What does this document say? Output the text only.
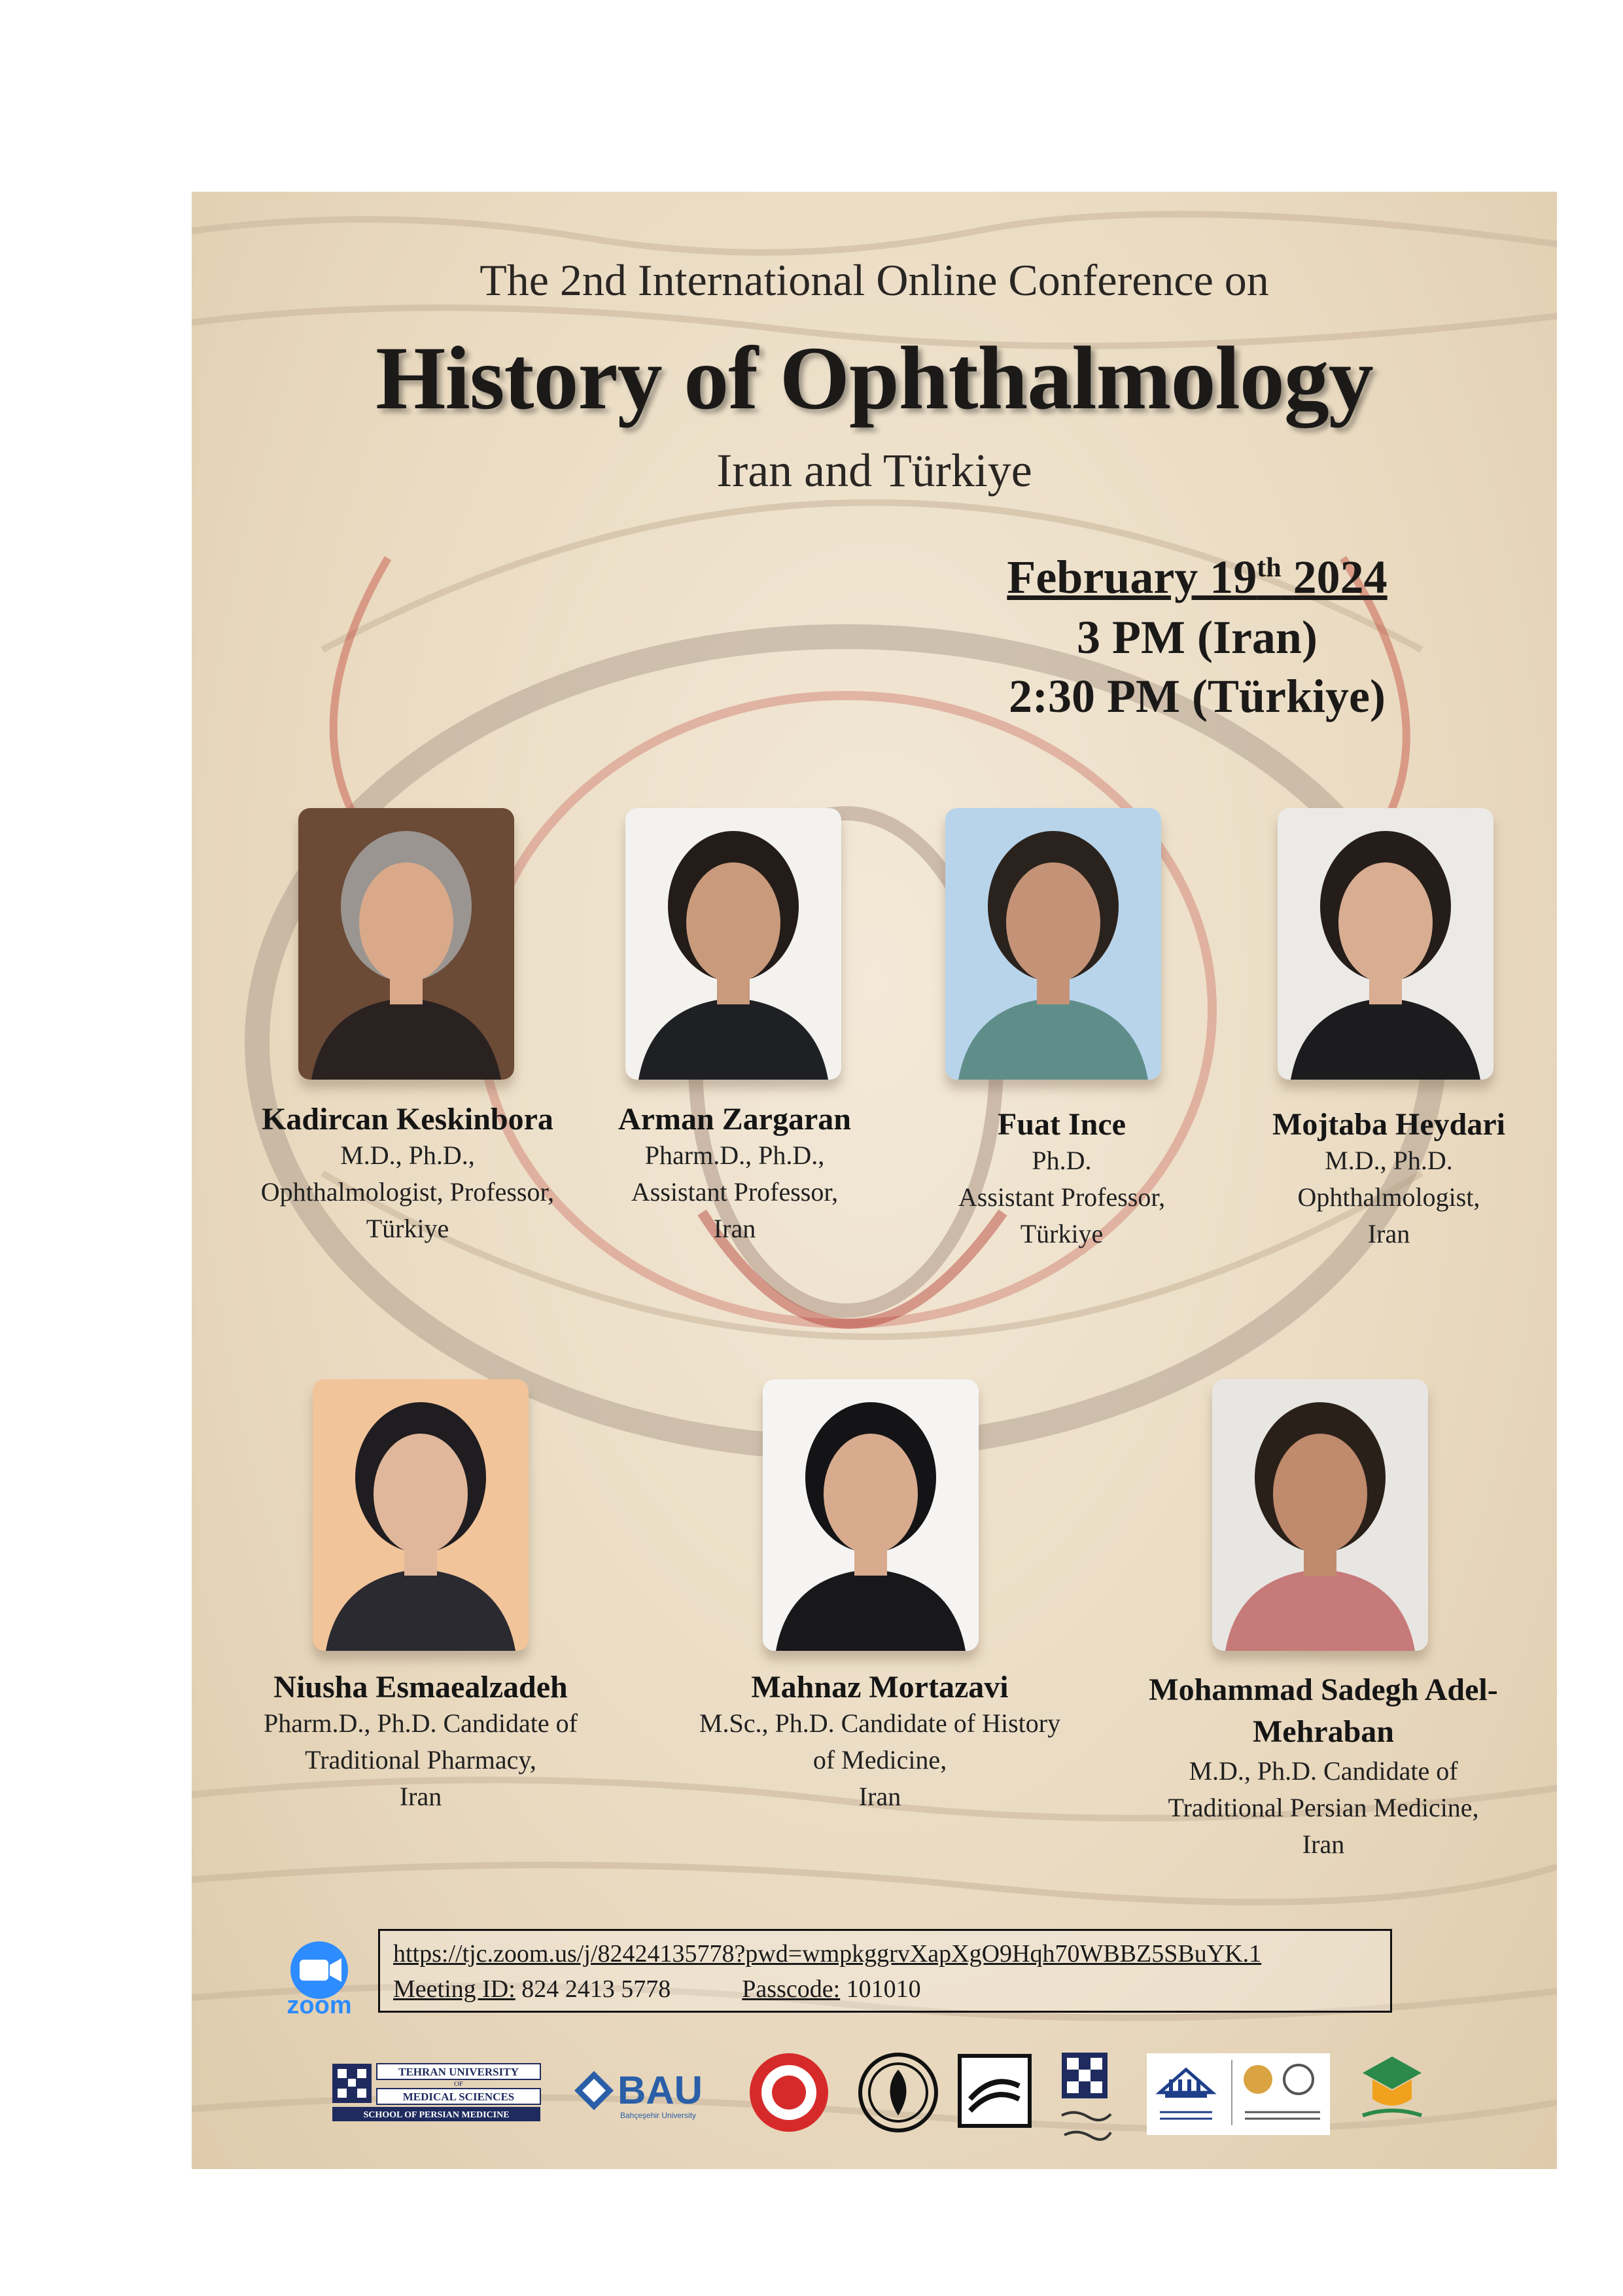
The 2nd International Online Conference on
History of Ophthalmology
Iran and Türkiye
February 19th 2024
3 PM (Iran)
2:30 PM (Türkiye)
Kadircan Keskinbora
M.D., Ph.D.,
Ophthalmologist, Professor,
Türkiye
Arman Zargaran
Pharm.D., Ph.D.,
Assistant Professor,
Iran
Fuat Ince
Ph.D.
Assistant Professor,
Türkiye
Mojtaba Heydari
M.D., Ph.D.
Ophthalmologist,
Iran
Niusha Esmaealzadeh
Pharm.D., Ph.D. Candidate of
Traditional Pharmacy,
Iran
Mahnaz Mortazavi
M.Sc., Ph.D. Candidate of History
of Medicine,
Iran
Mohammad Sadegh Adel-Mehraban
M.D., Ph.D. Candidate of
Traditional Persian Medicine,
Iran
zoom
https://tjc.zoom.us/j/82424135778?pwd=wmpkggrvXapXgO9Hqh70WBBZ5SBuYK.1
Meeting ID: 824 2413 5778	Passcode: 101010
TEHRAN UNIVERSITY
OF
MEDICAL SCIENCES
SCHOOL OF PERSIAN MEDICINE
BAU
Bahçeşehir University
